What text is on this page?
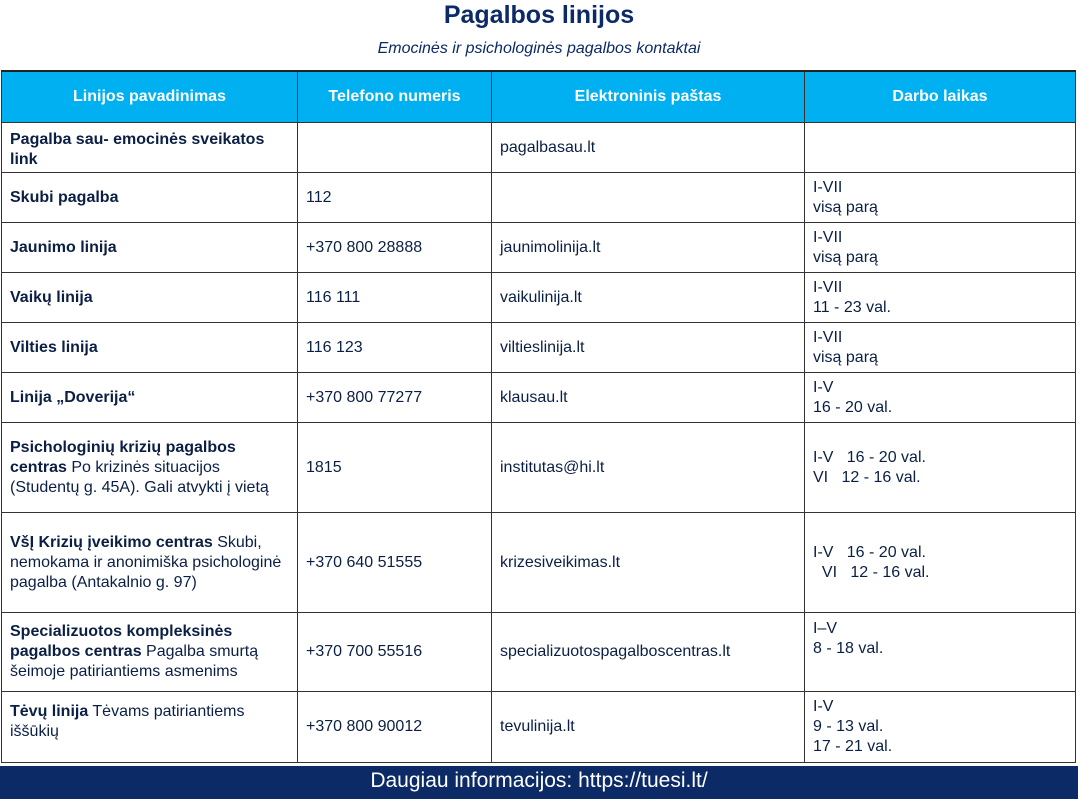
Pagalbos linijos
Emocinės ir psichologinės pagalbos kontaktai
Linijos pavadinimas	Telefono numeris	Elektroninis paštas	Darbo laikas
Pagalba sau- emocinės sveikatos link		pagalbasau.lt	
Skubi pagalba	112		I-VII
visą parą

Jaunimo linija	+370 800 28888	jaunimolinija.lt	I-VII
visą parą

Vaikų linija	116 111	vaikulinija.lt	I-VII
11 - 23 val.

Vilties linija	116 123	viltieslinija.lt	I-VII
visą parą

Linija „Doverija“	+370 800 77277	klausau.lt	I-V
16 - 20 val.

Psichologinių krizių pagalbos centras Po krizinės situacijos (Studentų g. 45A). Gali atvykti į vietą	1815	institutas@hi.lt	I-V   16 - 20 val.
VI   12 - 16 val.

VšĮ Krizių įveikimo centras Skubi, nemokama ir anonimiška psichologinė pagalba (Antakalnio g. 97)	+370 640 51555	krizesiveikimas.lt	I-V   16 - 20 val.
VI   12 - 16 val.

Specializuotos kompleksinės pagalbos centras Pagalba smurtą šeimoje patiriantiems asmenims	+370 700 55516	specializuotospagalboscentras.lt	I–V
8 - 18 val.

Tėvų linija Tėvams patiriantiems iššūkių	+370 800 90012	tevulinija.lt	I-V
9 - 13 val.
17 - 21 val.
Daugiau informacijos: https://tuesi.lt/
